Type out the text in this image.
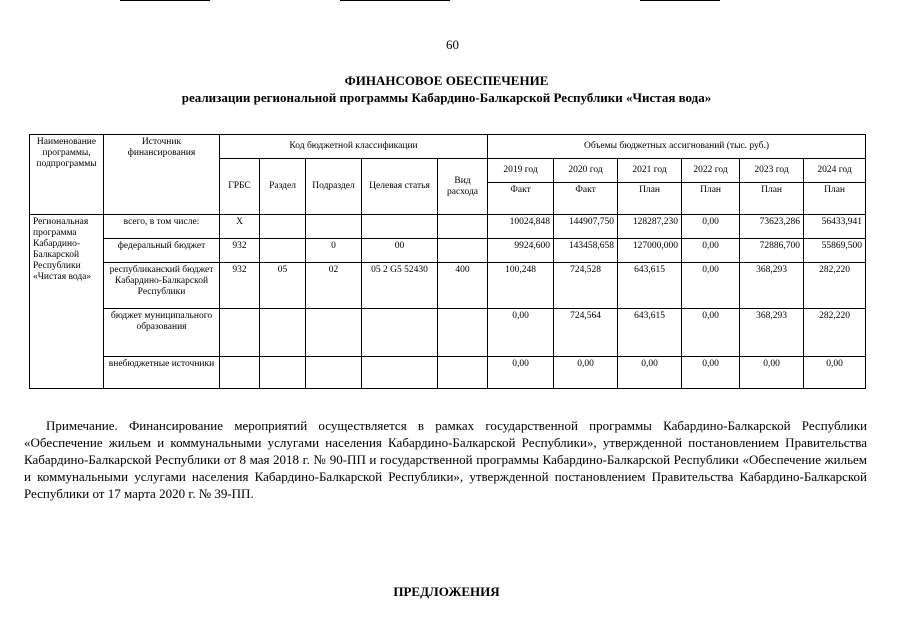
60
ФИНАНСОВОЕ ОБЕСПЕЧЕНИЕ
реализации региональной программы Кабардино-Балкарской Республики «Чистая вода»
Наименование программы, подпрограммы	Источник финансирования	Код бюджетной классификации					Объемы бюджетных ассигнований (тыс. руб.)					
		ГРБС	Раздел	Подраздел	Целевая статья	Вид расхода	2019 год	2020 год	2021 год	2022 год	2023 год	2024 год
							Факт	Факт	План	План	План	План
Региональная программа Кабардино-Балкарской Республики «Чистая вода»	всего, в том числе:	Х					10024,848	144907,750	128287,230	0,00	73623,286	56433,941
	федеральный бюджет	932		0	00		9924,600	143458,658	127000,000	0,00	72886,700	55869,500
	республиканский бюджет Кабардино-Балкарской Республики	932	05	02	05 2 G5 52430	400	100,248	724,528	643,615	0,00	368,293	282,220
	бюджет муниципального образования						0,00	724,564	643,615	0,00	368,293	282,220
	внебюджетные источники						0,00	0,00	0,00	0,00	0,00	0,00
Примечание. Финансирование мероприятий осуществляется в рамках государственной программы Кабардино-Балкарской Республики «Обеспечение жильем и коммунальными услугами населения Кабардино-Балкарской Республики», утвержденной постановлением Правительства Кабардино-Балкарской Республики от 8 мая 2018 г. № 90-ПП и государственной программы Кабардино-Балкарской Республики «Обеспечение жильем и коммунальными услугами населения Кабардино-Балкарской Республики», утвержденной постановлением Правительства Кабардино-Балкарской Республики от 17 марта 2020 г. № 39-ПП.
ПРЕДЛОЖЕНИЯ
